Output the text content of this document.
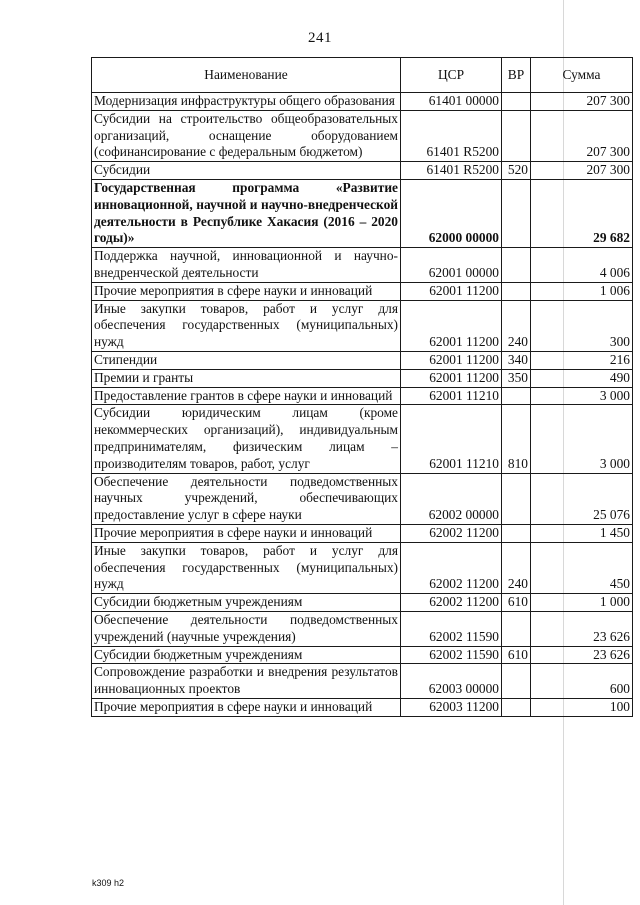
241
Наименование	ЦСР	ВР	Сумма
Модернизация инфраструктуры общего образования	61401 00000		207 300
Субсидии на строительство общеобразовательных организаций, оснащение оборудованием (софинансирование с федеральным бюджетом)	61401 R5200		207 300
Субсидии	61401 R5200	520	207 300
Государственная программа «Развитие инновационной, научной и научно-внедренческой деятельности в Республике Хакасия (2016 – 2020 годы)»	62000 00000		29 682
Поддержка научной, инновационной и научно-внедренческой деятельности	62001 00000		4 006
Прочие мероприятия в сфере науки и инноваций	62001 11200		1 006
Иные закупки товаров, работ и услуг для обеспечения государственных (муниципальных) нужд	62001 11200	240	300
Стипендии	62001 11200	340	216
Премии и гранты	62001 11200	350	490
Предоставление грантов в сфере науки и инноваций	62001 11210		3 000
Субсидии юридическим лицам (кроме некоммерческих организаций), индивидуальным предпринимателям, физическим лицам – производителям товаров, работ, услуг	62001 11210	810	3 000
Обеспечение деятельности подведомственных научных учреждений, обеспечивающих предоставление услуг в сфере науки	62002 00000		25 076
Прочие мероприятия в сфере науки и инноваций	62002 11200		1 450
Иные закупки товаров, работ и услуг для обеспечения государственных (муниципальных) нужд	62002 11200	240	450
Субсидии бюджетным учреждениям	62002 11200	610	1 000
Обеспечение деятельности подведомственных учреждений (научные учреждения)	62002 11590		23 626
Субсидии бюджетным учреждениям	62002 11590	610	23 626
Сопровождение разработки и внедрения результатов инновационных проектов	62003 00000		600
Прочие мероприятия в сфере науки и инноваций	62003 11200		100
k309 h2
